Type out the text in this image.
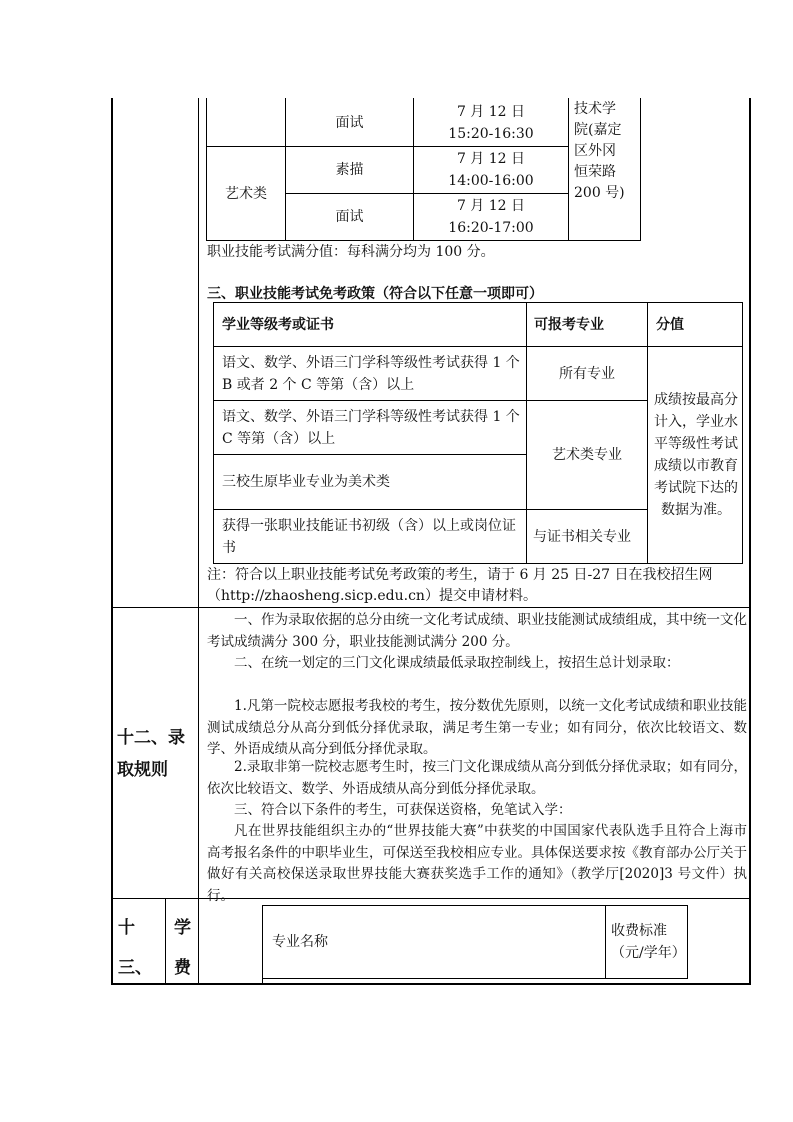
面试
7 月 12 日
15:20-16:30
艺术类
素描
7 月 12 日
14:00-16:00
面试
7 月 12 日
16:20-17:00
技术学
院(嘉定
区外冈
恒荣路
200 号)
职业技能考试满分值：每科满分均为 100 分。
三、职业技能考试免考政策（符合以下任意一项即可）
学业等级考或证书	可报考专业	分值
语文、数学、外语三门学科等级性考试获得 1 个 B 或者 2 个 C 等第（含）以上
所有专业
语文、数学、外语三门学科等级性考试获得 1 个 C 等第（含）以上
艺术类专业
三校生原毕业专业为美术类
获得一张职业技能证书初级（含）以上或岗位证书
与证书相关专业
成绩按最高分计入，学业水平等级性考试成绩以市教育考试院下达的数据为准。
注：符合以上职业技能考试免考政策的考生，请于 6 月 25 日-27 日在我校招生网（http://zhaosheng.sicp.edu.cn）提交申请材料。
十二、录
取规则
一、作为录取依据的总分由统一文化考试成绩、职业技能测试成绩组成，其中统一文化考试成绩满分 300 分，职业技能测试满分 200 分。
二、在统一划定的三门文化课成绩最低录取控制线上，按招生总计划录取：
1.凡第一院校志愿报考我校的考生，按分数优先原则，以统一文化考试成绩和职业技能测试成绩总分从高分到低分择优录取，满足考生第一专业；如有同分，依次比较语文、数学、外语成绩从高分到低分择优录取。
2.录取非第一院校志愿考生时，按三门文化课成绩从高分到低分择优录取；如有同分，依次比较语文、数学、外语成绩从高分到低分择优录取。
三、符合以下条件的考生，可获保送资格，免笔试入学：
凡在世界技能组织主办的“世界技能大赛”中获奖的中国国家代表队选手且符合上海市高考报名条件的中职毕业生，可保送至我校相应专业。具体保送要求按《教育部办公厅关于做好有关高校保送录取世界技能大赛获奖选手工作的通知》（教学厅[2020]3 号文件）执行。
十
三、
学
费
专业名称
收费标准（元/学年）
